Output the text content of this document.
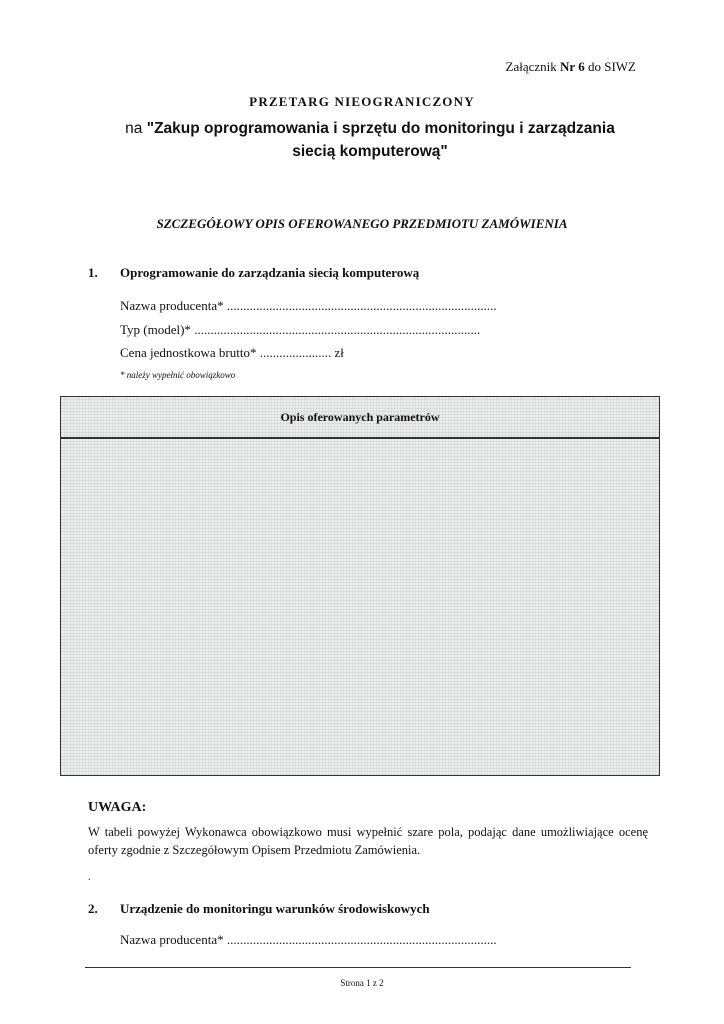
Załącznik Nr 6 do SIWZ
PRZETARG NIEOGRANICZONY
na "Zakup oprogramowania i sprzętu do monitoringu i zarządzania
siecią komputerową"
SZCZEGÓŁOWY OPIS OFEROWANEGO PRZEDMIOTU ZAMÓWIENIA
1. Oprogramowanie do zarządzania siecią komputerową
Nazwa producenta*
...................................................................................
Typ (model)*
........................................................................................
Cena jednostkowa brutto*
......................
zł
* należy wypełnić obowiązkowo
Opis oferowanych parametrów
UWAGA:
W tabeli powyżej Wykonawca obowiązkowo musi wypełnić szare pola, podając dane umożliwiające ocenę oferty zgodnie z Szczegółowym Opisem Przedmiotu Zamówienia.
.
2. Urządzenie do monitoringu warunków środowiskowych
Nazwa producenta*
...................................................................................
Strona 1 z 2
